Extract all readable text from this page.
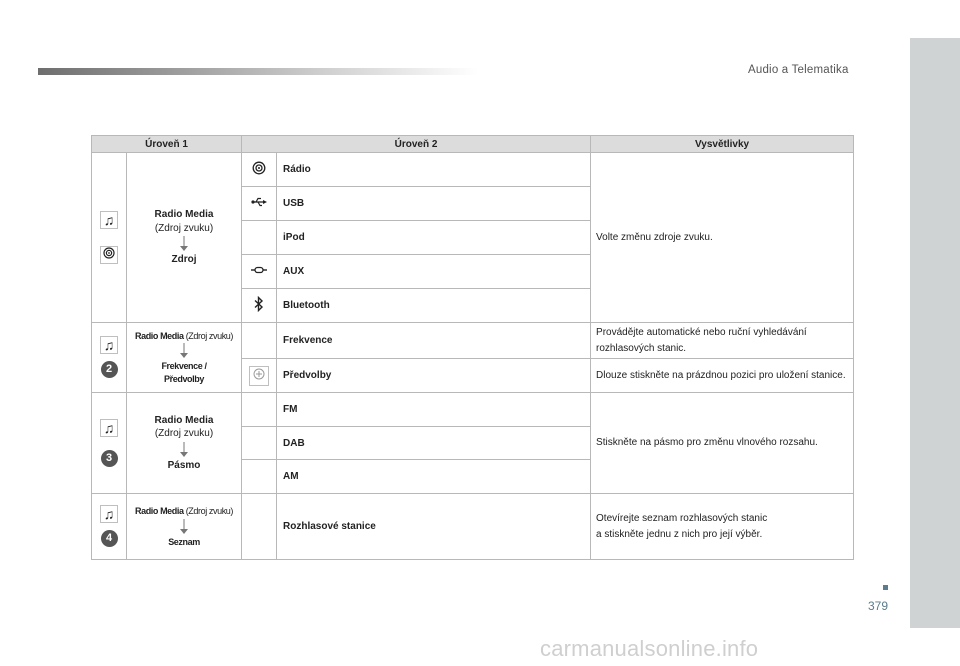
Audio a Telematika
379
carmanualsonline.info
Úroveň 1		Úroveň 2		Vysvětlivky
♫	Radio Media
(Zdroj zvuku)
Zdroj		Rádio	Volte změnu zdroje zvuku.
	USB	
			iPod	
	AUX	
	Bluetooth	
♫
2	Radio Media (Zdroj zvuku)
Frekvence /
Předvolby		Frekvence	Provádějte automatické nebo ruční vyhledávání rozhlasových stanic.
	Předvolby	Dlouze stiskněte na prázdnou pozici pro uložení stanice.
♫
3	Radio Media
(Zdroj zvuku)
Pásmo		FM	Stiskněte na pásmo pro změnu vlnového rozsahu.
			DAB	
			AM	
♫
4	Radio Media (Zdroj zvuku)
Seznam		Rozhlasové stanice	Otevírejte seznam rozhlasových stanic
a stiskněte jednu z nich pro její výběr.
